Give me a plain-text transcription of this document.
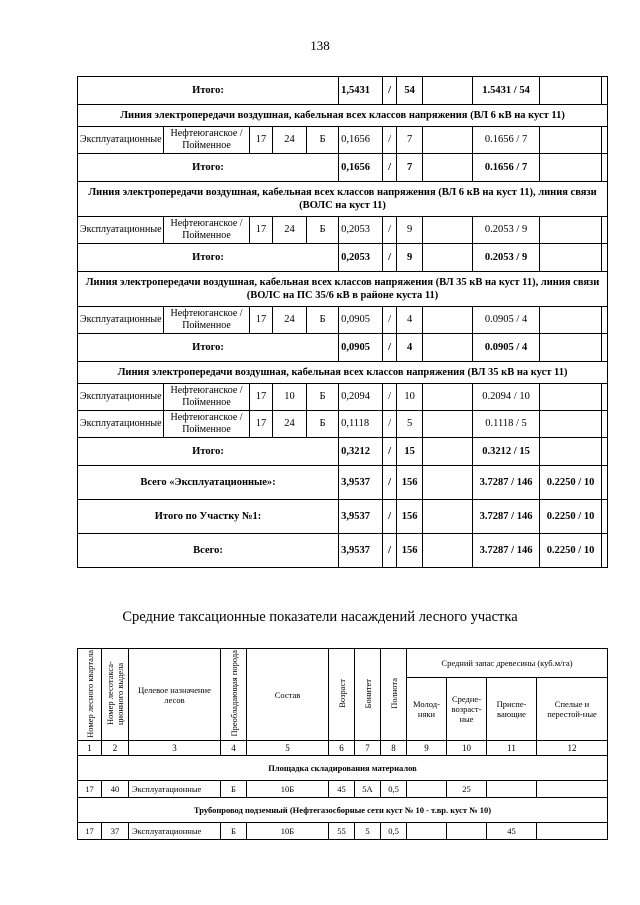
138
Итого:					1,5431	/	54		1.5431 / 54		
Линия электропередачи воздушная, кабельная всех классов напряжения (ВЛ 6 кВ на куст 11)											
Эксплуатационные	Нефтеюганское / Пойменное	17	24	Б	0,1656	/	7		0.1656 / 7		
Итого:					0,1656	/	7		0.1656 / 7		
Линия электропередачи воздушная, кабельная всех классов напряжения (ВЛ 6 кВ на куст 11), линия связи (ВОЛС на куст 11)											
Эксплуатационные	Нефтеюганское / Пойменное	17	24	Б	0,2053	/	9		0.2053 / 9		
Итого:					0,2053	/	9		0.2053 / 9		
Линия электропередачи воздушная, кабельная всех классов напряжения (ВЛ 35 кВ на куст 11), линия связи (ВОЛС на ПС 35/6 кВ в районе куста 11)											
Эксплуатационные	Нефтеюганское / Пойменное	17	24	Б	0,0905	/	4		0.0905 / 4		
Итого:					0,0905	/	4		0.0905 / 4		
Линия электропередачи воздушная, кабельная всех классов напряжения (ВЛ 35 кВ на куст 11)											
Эксплуатационные	Нефтеюганское / Пойменное	17	10	Б	0,2094	/	10		0.2094 / 10		
Эксплуатационные	Нефтеюганское / Пойменное	17	24	Б	0,1118	/	5		0.1118 / 5		
Итого:					0,3212	/	15		0.3212 / 15		
Всего «Эксплуатационные»:					3,9537	/	156		3.7287 / 146	0.2250 / 10	
Итого по Участку №1:					3,9537	/	156		3.7287 / 146	0.2250 / 10	
Всего:					3,9537	/	156		3.7287 / 146	0.2250 / 10	
Средние таксационные показатели насаждений лесного участка
Номер лесного квартала	Номер лесотакса-ционного выдела	Целевое назначение лесов	Преобладающая порода	Состав	Возраст	Бонитет	Полнота	Средний запас древесины (куб.м/га)			
								Молод-няки	Средне-возраст-ные	Приспе-вающие	Спелые и перестой-ные
1	2	3	4	5	6	7	8	9	10	11	12
Площадка складирования материалов											
17	40	Эксплуатационные	Б	10Б	45	5А	0,5		25		
Трубопровод подземный (Нефтегазосборные сети куст № 10 - т.вр. куст № 10)											
17	37	Эксплуатационные	Б	10Б	55	5	0,5			45	
